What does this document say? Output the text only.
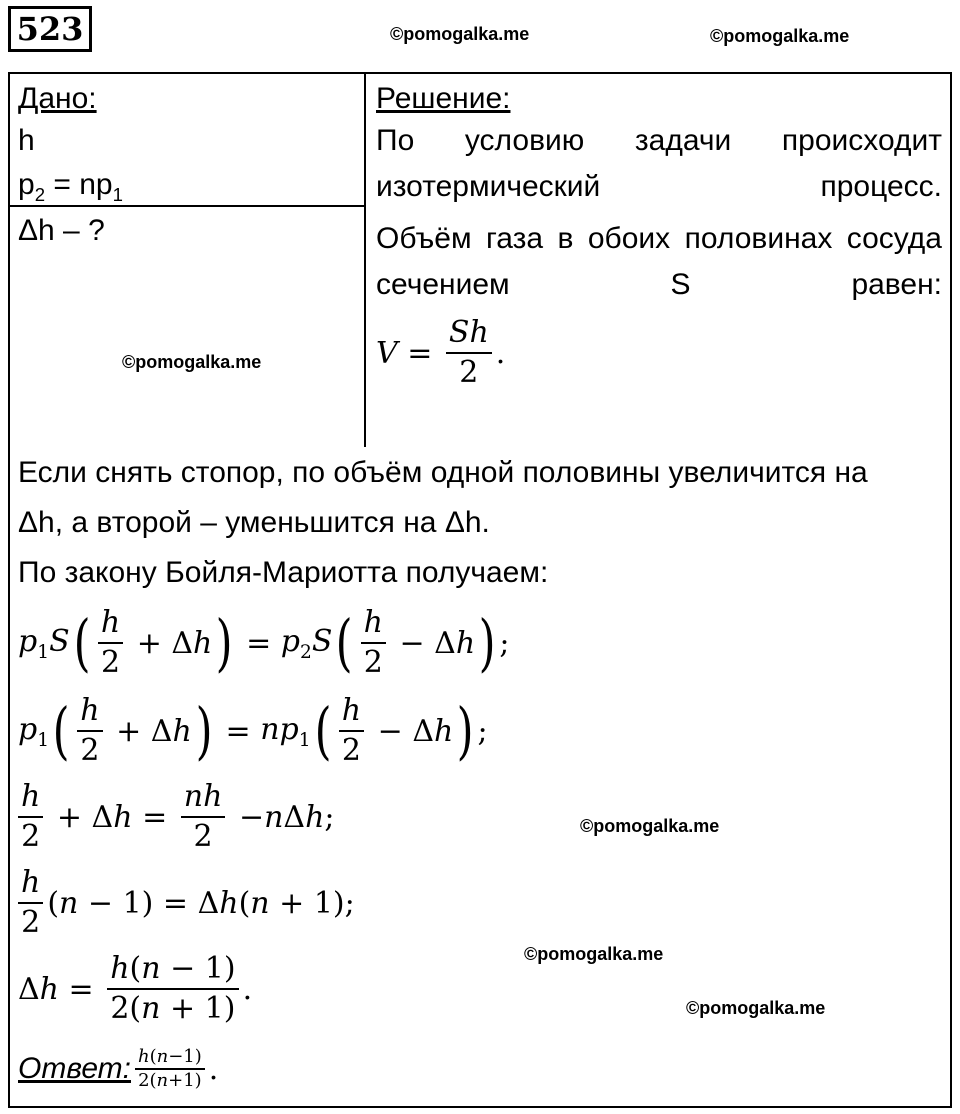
523	©pomogalka.me	©pomogalka.me
©pomogalka.me
©pomogalka.me
©pomogalka.me
©pomogalka.me
Дано:
h
$p_2 = np_1$
Δh – ?
Решение:
По условию задачи происходит изотермический процесс.
Объём газа в обоих половинах сосуда сечением S равен:
$V = \frac{Sh}{2}$ .
Если снять стопор, по объём одной половины увеличится на
Δh, а второй – уменьшится на Δh.
По закону Бойля-Мариотта получаем:
$p_1S$ ( $\frac{h}{2} + \Delta$ h ) = $p_2S$ ( $\frac{h}{2} - \Delta$ h ) ;
$p_1$ ( $\frac{h}{2} + \Delta$ h ) = $np_1$ ( $\frac{h}{2} - \Delta$ h ) ;
$\frac{h}{2} + \Delta$ $h = \frac{nh}{2} - n$ Δ h ;
$\frac{h}{2}$ ( n − 1) = Δ h ( n + 1);
Δ $h = \frac{h(n - 1)}{2(n + 1)}$ .
Ответ: $\frac{h(n-1)}{2(n+1)}$ .
